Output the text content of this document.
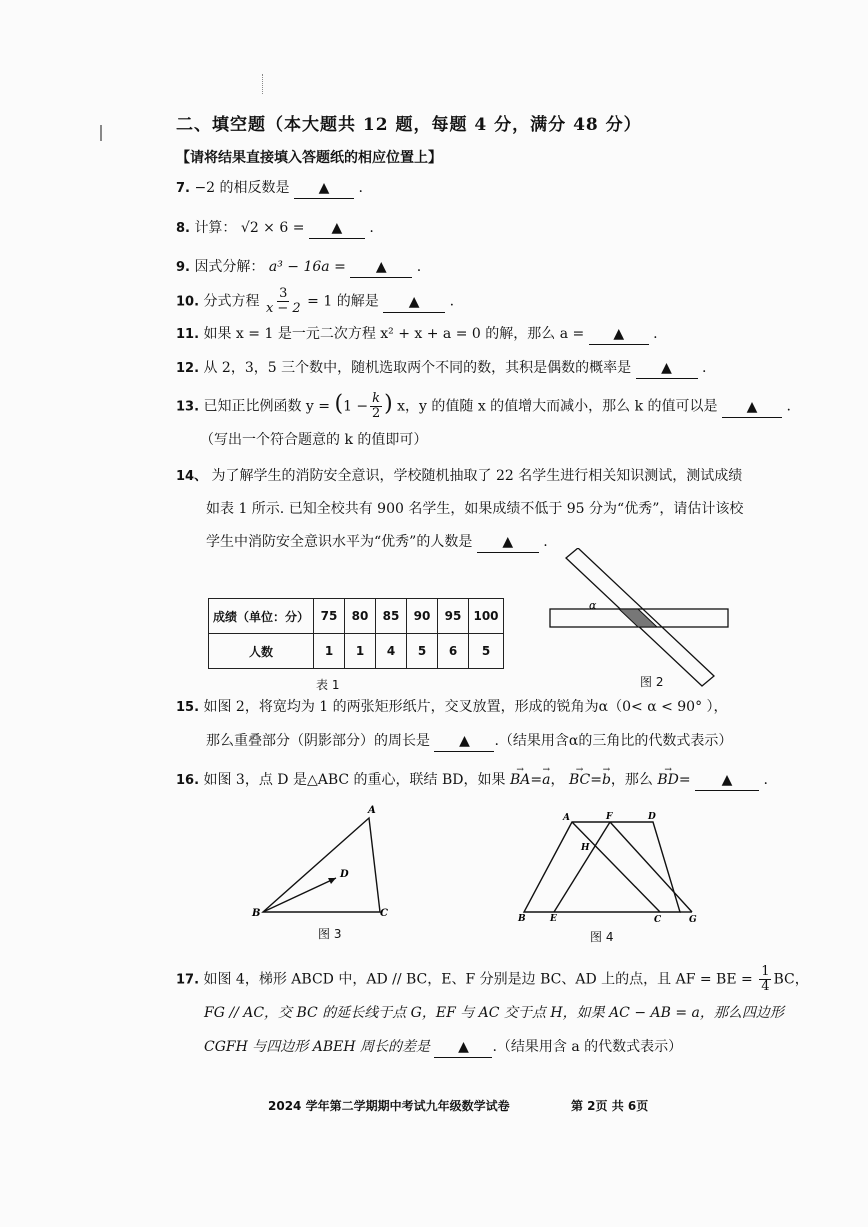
二、填空题（本大题共 12 题，每题 4 分，满分 48 分）
【请将结果直接填入答题纸的相应位置上】
7. −2 的相反数是 ▲ .
8. 计算： √2 × 6 = ▲ .
9. 因式分解： a³ − 16a = ▲ .
10. 分式方程 $\frac{3}{x - 2} = 1$ 的解是 ▲ .
11. 如果 x = 1 是一元二次方程 x² + x + a = 0 的解，那么 a = ▲ .
12. 从 2，3，5 三个数中，随机选取两个不同的数，其积是偶数的概率是 ▲ .
13. 已知正比例函数 $y = (1 - \frac{k}{2}$ ) x，y 的值随 x 的值增大而减小，那么 k 的值可以是 ▲ .
（写出一个符合题意的 k 的值即可）
14、 为了解学生的消防安全意识，学校随机抽取了 22 名学生进行相关知识测试，测试成绩
如表 1 所示. 已知全校共有 900 名学生，如果成绩不低于 95 分为“优秀”，请估计该校
学生中消防安全意识水平为“优秀”的人数是 ▲ .
成绩（单位：分）	75	80	85	90	95	100
人数	1	1	4	5	6	5
表 1
α
图 2
15. 如图 2，将宽均为 1 的两张矩形纸片，交叉放置，形成的锐角为α（0< α < 90° ），
那么重叠部分（阴影部分）的周长是 ▲ .（结果用含α的三角比的代数式表示）
16. 如图 3，点 D 是△ABC 的重心，联结 BD，如果 → BA=→ a， → BC=→ b，那么 → BD= ▲ .
A
B	C
D
图 3
A	F	D
H
B	E	C	G
图 4
17. 如图 4，梯形 ABCD 中，AD // BC，E、F 分别是边 BC、AD 上的点，且 AF = BE = $\frac{1}{4}$ BC，
FG // AC，交 BC 的延长线于点 G，EF 与 AC 交于点 H，如果 AC − AB = a，那么四边形
CGFH 与四边形 ABEH 周长的差是 ▲ .（结果用含 a 的代数式表示）
2024 学年第二学期期中考试九年级数学试卷	第 2页 共 6页
